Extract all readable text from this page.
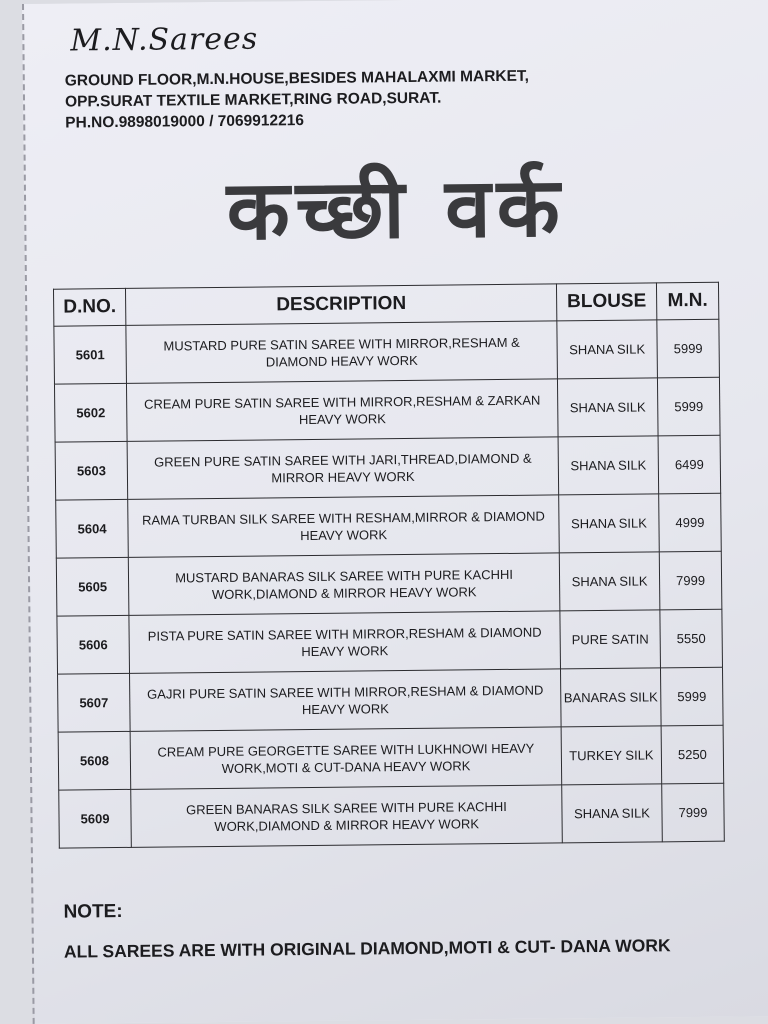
M.N.Sarees
GROUND FLOOR,M.N.HOUSE,BESIDES MAHALAXMI MARKET,
OPP.SURAT TEXTILE MARKET,RING ROAD,SURAT.
PH.NO.9898019000 / 7069912216
कच्छी वर्क
D.NO.	DESCRIPTION	BLOUSE	M.N.
5601	MUSTARD PURE SATIN SAREE WITH MIRROR,RESHAM & DIAMOND HEAVY WORK	SHANA SILK	5999
5602	CREAM PURE SATIN SAREE WITH MIRROR,RESHAM & ZARKAN HEAVY WORK	SHANA SILK	5999
5603	GREEN PURE SATIN SAREE WITH JARI,THREAD,DIAMOND & MIRROR HEAVY WORK	SHANA SILK	6499
5604	RAMA TURBAN SILK SAREE WITH RESHAM,MIRROR & DIAMOND HEAVY WORK	SHANA SILK	4999
5605	MUSTARD BANARAS SILK SAREE WITH PURE KACHHI WORK,DIAMOND & MIRROR HEAVY WORK	SHANA SILK	7999
5606	PISTA PURE SATIN SAREE WITH MIRROR,RESHAM & DIAMOND HEAVY WORK	PURE SATIN	5550
5607	GAJRI PURE SATIN SAREE WITH MIRROR,RESHAM & DIAMOND HEAVY WORK	BANARAS SILK	5999
5608	CREAM PURE GEORGETTE SAREE WITH LUKHNOWI HEAVY WORK,MOTI & CUT-DANA HEAVY WORK	TURKEY SILK	5250
5609	GREEN BANARAS SILK SAREE WITH PURE KACHHI WORK,DIAMOND & MIRROR HEAVY WORK	SHANA SILK	7999
NOTE:
ALL SAREES ARE WITH ORIGINAL DIAMOND,MOTI & CUT- DANA WORK
